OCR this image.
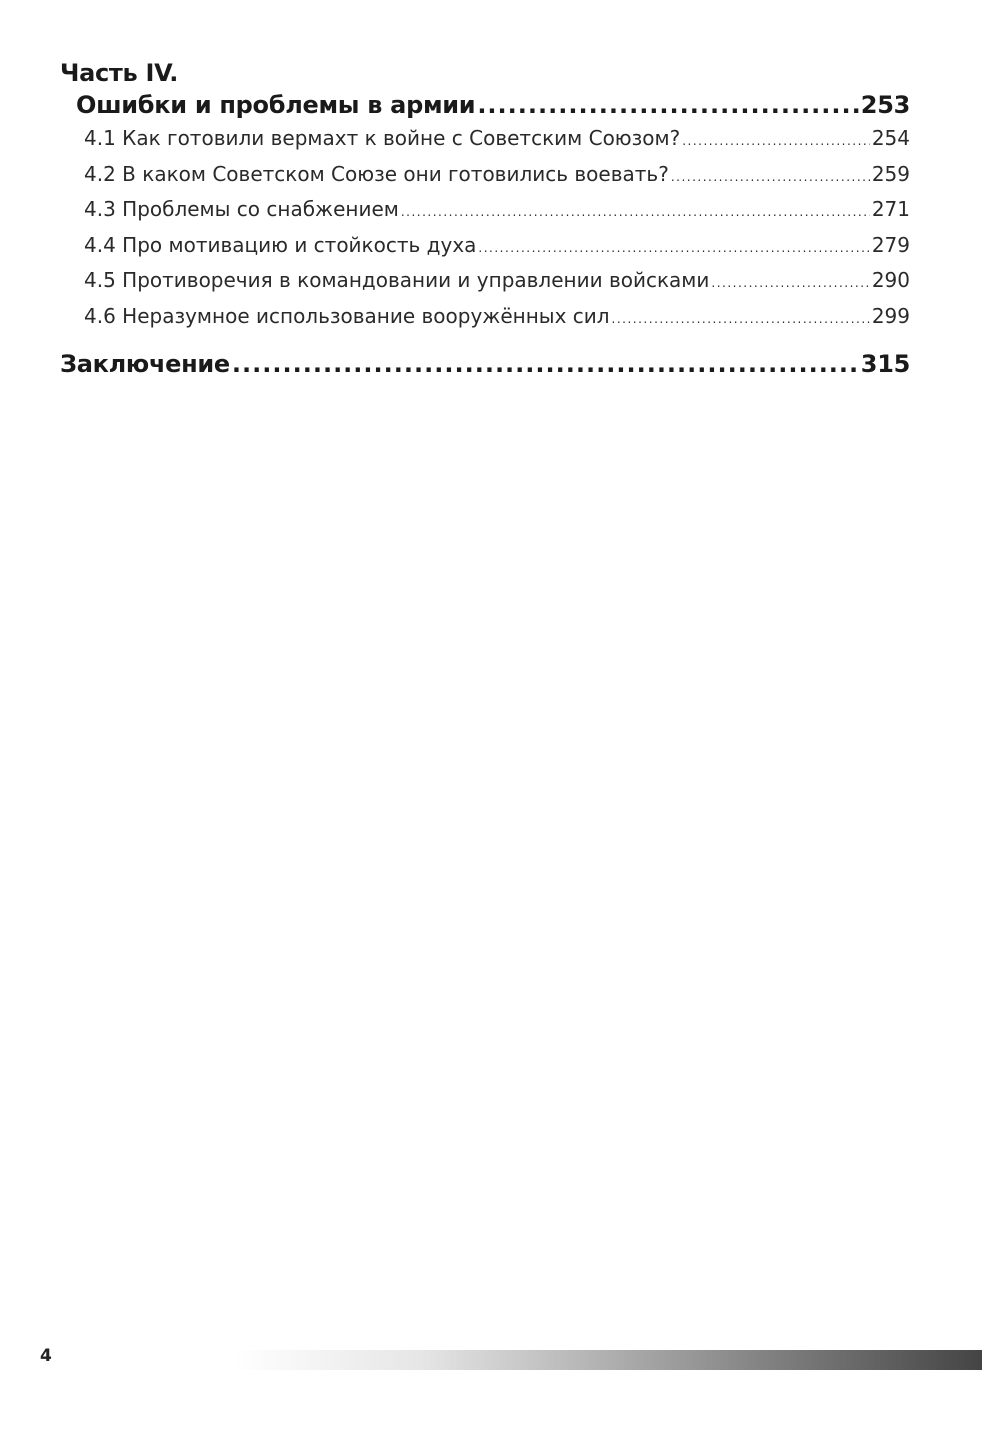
Часть IV.
Ошибки и проблемы в армии .....	253
4.1 Как готовили вермахт к войне с Советским Союзом? .....	254
4.2 В каком Советском Союзе они готовились воевать? .....	259
4.3 Проблемы со снабжением .....	271
4.4 Про мотивацию и стойкость духа .....	279
4.5 Противоречия в командовании и управлении войсками .....	290
4.6 Неразумное использование вооружённых сил .....	299
Заключение .....	315
4
